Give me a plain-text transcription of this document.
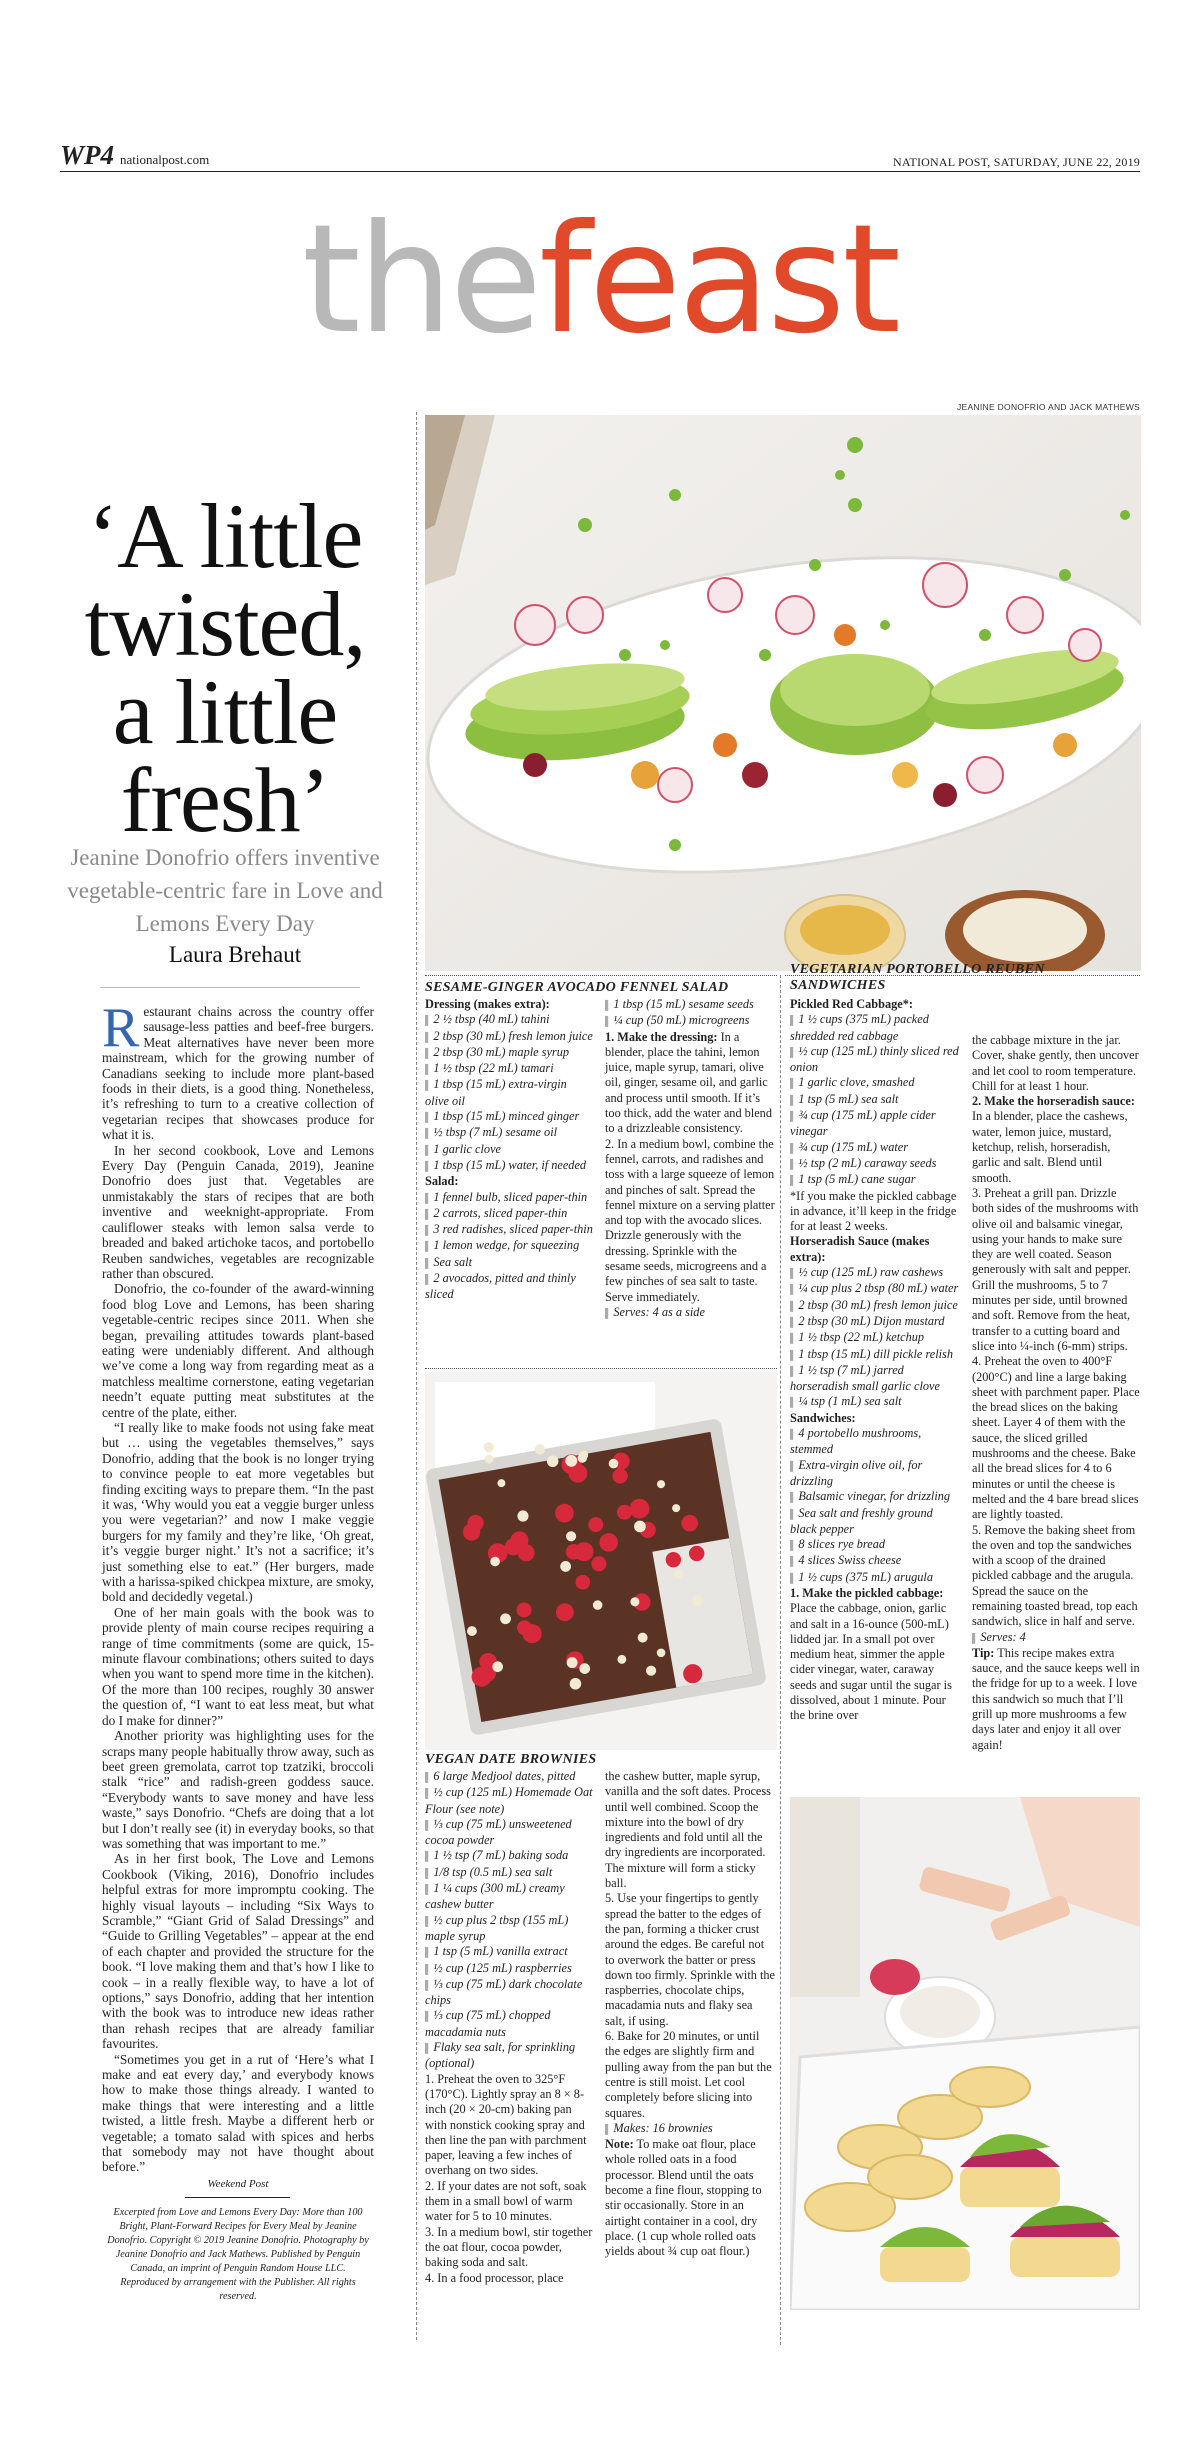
WP4 nationalpost.com	NATIONAL POST, SATURDAY, JUNE 22, 2019
thefeast
JEANINE DONOFRIO AND JACK MATHEWS
‘A little
twisted,
a little
fresh’
Jeanine Donofrio offers inventive vegetable-centric fare in Love and Lemons Every Day
Laura Brehaut

Restaurant chains across the country offer sausage-less patties and beef-free burgers. Meat alternatives have never been more mainstream, which for the growing number of Canadians seeking to include more plant-based foods in their diets, is a good thing. Nonetheless, it’s refreshing to turn to a creative collection of vegetarian recipes that showcases produce for what it is.

In her second cookbook, Love and Lemons Every Day (Penguin Canada, 2019), Jeanine Donofrio does just that. Vegetables are unmistakably the stars of recipes that are both inventive and weeknight-appropriate. From cauliflower steaks with lemon salsa verde to breaded and baked artichoke tacos, and portobello Reuben sandwiches, vegetables are recognizable rather than obscured.

Donofrio, the co-founder of the award-winning food blog Love and Lemons, has been sharing vegetable-centric recipes since 2011. When she began, prevailing attitudes towards plant-based eating were undeniably different. And although we’ve come a long way from regarding meat as a matchless mealtime cornerstone, eating vegetarian needn’t equate putting meat substitutes at the centre of the plate, either.

“I really like to make foods not using fake meat but … using the vegetables themselves,” says Donofrio, adding that the book is no longer trying to convince people to eat more vegetables but finding exciting ways to prepare them. “In the past it was, ‘Why would you eat a veggie burger unless you were vegetarian?’ and now I make veggie burgers for my family and they’re like, ‘Oh great, it’s veggie burger night.’ It’s not a sacrifice; it’s just something else to eat.” (Her burgers, made with a harissa-spiked chickpea mixture, are smoky, bold and decidedly vegetal.)

One of her main goals with the book was to provide plenty of main course recipes requiring a range of time commitments (some are quick, 15-minute flavour combinations; others suited to days when you want to spend more time in the kitchen). Of the more than 100 recipes, roughly 30 answer the question of, “I want to eat less meat, but what do I make for dinner?”

Another priority was highlighting uses for the scraps many people habitually throw away, such as beet green gremolata, carrot top tzatziki, broccoli stalk “rice” and radish-green goddess sauce. “Everybody wants to save money and have less waste,” says Donofrio. “Chefs are doing that a lot but I don’t really see (it) in everyday books, so that was something that was important to me.”

As in her first book, The Love and Lemons Cookbook (Viking, 2016), Donofrio includes helpful extras for more impromptu cooking. The highly visual layouts – including “Six Ways to Scramble,” “Giant Grid of Salad Dressings” and “Guide to Grilling Vegetables” – appear at the end of each chapter and provided the structure for the book. “I love making them and that’s how I like to cook – in a really flexible way, to have a lot of options,” says Donofrio, adding that her intention with the book was to introduce new ideas rather than rehash recipes that are already familiar favourites.

“Sometimes you get in a rut of ‘Here’s what I make and eat every day,’ and everybody knows how to make those things already. I wanted to make things that were interesting and a little twisted, a little fresh. Maybe a different herb or vegetable; a tomato salad with spices and herbs that somebody may not have thought about before.”

Weekend Post
Excerpted from Love and Lemons Every Day: More than 100 Bright, Plant-Forward Recipes for Every Meal by Jeanine Donofrio. Copyright © 2019 Jeanine Donofrio. Photography by Jeanine Donofrio and Jack Mathews. Published by Penguin Canada, an imprint of Penguin Random House LLC. Reproduced by arrangement with the Publisher. All rights reserved.
SESAME-GINGER AVOCADO FENNEL SALAD
Dressing (makes extra):
▌ 2 ½ tbsp (40 mL) tahini
▌ 2 tbsp (30 mL) fresh lemon juice
▌ 2 tbsp (30 mL) maple syrup
▌ 1 ½ tbsp (22 mL) tamari
▌ 1 tbsp (15 mL) extra-virgin olive oil
▌ 1 tbsp (15 mL) minced ginger
▌ ½ tbsp (7 mL) sesame oil
▌ 1 garlic clove
▌ 1 tbsp (15 mL) water, if needed
Salad:
▌ 1 fennel bulb, sliced paper-thin
▌ 2 carrots, sliced paper-thin
▌ 3 red radishes, sliced paper-thin
▌ 1 lemon wedge, for squeezing
▌ Sea salt
▌ 2 avocados, pitted and thinly sliced
▌ 1 tbsp (15 mL) sesame seeds
▌ ¼ cup (50 mL) microgreens
1. Make the dressing: In a blender, place the tahini, lemon juice, maple syrup, tamari, olive oil, ginger, sesame oil, and garlic and process until smooth. If it’s too thick, add the water and blend to a drizzleable consistency.
2. In a medium bowl, combine the fennel, carrots, and radishes and toss with a large squeeze of lemon and pinches of salt. Spread the fennel mixture on a serving platter and top with the avocado slices. Drizzle generously with the dressing. Sprinkle with the sesame seeds, microgreens and a few pinches of sea salt to taste. Serve immediately.
▌ Serves: 4 as a side
VEGETARIAN PORTOBELLO REUBEN
SANDWICHES
Pickled Red Cabbage*:
▌ 1 ½ cups (375 mL) packed shredded red cabbage
▌ ½ cup (125 mL) thinly sliced red onion
▌ 1 garlic clove, smashed
▌ 1 tsp (5 mL) sea salt
▌ ¾ cup (175 mL) apple cider vinegar
▌ ¾ cup (175 mL) water
▌ ½ tsp (2 mL) caraway seeds
▌ 1 tsp (5 mL) cane sugar
*If you make the pickled cabbage in advance, it’ll keep in the fridge for at least 2 weeks.
Horseradish Sauce (makes extra):
▌ ½ cup (125 mL) raw cashews
▌ ¼ cup plus 2 tbsp (80 mL) water
▌ 2 tbsp (30 mL) fresh lemon juice
▌ 2 tbsp (30 mL) Dijon mustard
▌ 1 ½ tbsp (22 mL) ketchup
▌ 1 tbsp (15 mL) dill pickle relish
▌ 1 ½ tsp (7 mL) jarred horseradish small garlic clove
▌ ¼ tsp (1 mL) sea salt
Sandwiches:
▌ 4 portobello mushrooms, stemmed
▌ Extra-virgin olive oil, for drizzling
▌ Balsamic vinegar, for drizzling
▌ Sea salt and freshly ground black pepper
▌ 8 slices rye bread
▌ 4 slices Swiss cheese
▌ 1 ½ cups (375 mL) arugula
1. Make the pickled cabbage: Place the cabbage, onion, garlic and salt in a 16-ounce (500-mL) lidded jar. In a small pot over medium heat, simmer the apple cider vinegar, water, caraway seeds and sugar until the sugar is dissolved, about 1 minute. Pour the brine over
the cabbage mixture in the jar. Cover, shake gently, then uncover and let cool to room temperature. Chill for at least 1 hour.
2. Make the horseradish sauce: In a blender, place the cashews, water, lemon juice, mustard, ketchup, relish, horseradish, garlic and salt. Blend until smooth.
3. Preheat a grill pan. Drizzle both sides of the mushrooms with olive oil and balsamic vinegar, using your hands to make sure they are well coated. Season generously with salt and pepper. Grill the mushrooms, 5 to 7 minutes per side, until browned and soft. Remove from the heat, transfer to a cutting board and slice into ¼-inch (6-mm) strips.
4. Preheat the oven to 400°F (200°C) and line a large baking sheet with parchment paper. Place the bread slices on the baking sheet. Layer 4 of them with the sauce, the sliced grilled mushrooms and the cheese. Bake all the bread slices for 4 to 6 minutes or until the cheese is melted and the 4 bare bread slices are lightly toasted.
5. Remove the baking sheet from the oven and top the sandwiches with a scoop of the drained pickled cabbage and the arugula. Spread the sauce on the remaining toasted bread, top each sandwich, slice in half and serve.
▌ Serves: 4
Tip: This recipe makes extra sauce, and the sauce keeps well in the fridge for up to a week. I love this sandwich so much that I’ll grill up more mushrooms a few days later and enjoy it all over again!
VEGAN DATE BROWNIES
▌ 6 large Medjool dates, pitted
▌ ½ cup (125 mL) Homemade Oat Flour (see note)
▌ ⅓ cup (75 mL) unsweetened cocoa powder
▌ 1 ½ tsp (7 mL) baking soda
▌ 1/8 tsp (0.5 mL) sea salt
▌ 1 ¼ cups (300 mL) creamy cashew butter
▌ ½ cup plus 2 tbsp (155 mL) maple syrup
▌ 1 tsp (5 mL) vanilla extract
▌ ½ cup (125 mL) raspberries
▌ ⅓ cup (75 mL) dark chocolate chips
▌ ⅓ cup (75 mL) chopped macadamia nuts
▌ Flaky sea salt, for sprinkling (optional)
1. Preheat the oven to 325°F (170°C). Lightly spray an 8 × 8-inch (20 × 20-cm) baking pan with nonstick cooking spray and then line the pan with parchment paper, leaving a few inches of overhang on two sides.
2. If your dates are not soft, soak them in a small bowl of warm water for 5 to 10 minutes.
3. In a medium bowl, stir together the oat flour, cocoa powder, baking soda and salt.
4. In a food processor, place
the cashew butter, maple syrup, vanilla and the soft dates. Process until well combined. Scoop the mixture into the bowl of dry ingredients and fold until all the dry ingredients are incorporated. The mixture will form a sticky ball.
5. Use your fingertips to gently spread the batter to the edges of the pan, forming a thicker crust around the edges. Be careful not to overwork the batter or press down too firmly. Sprinkle with the raspberries, chocolate chips, macadamia nuts and flaky sea salt, if using.
6. Bake for 20 minutes, or until the edges are slightly firm and pulling away from the pan but the centre is still moist. Let cool completely before slicing into squares.
▌ Makes: 16 brownies
Note: To make oat flour, place whole rolled oats in a food processor. Blend until the oats become a fine flour, stopping to stir occasionally. Store in an airtight container in a cool, dry place. (1 cup whole rolled oats yields about ¾ cup oat flour.)
